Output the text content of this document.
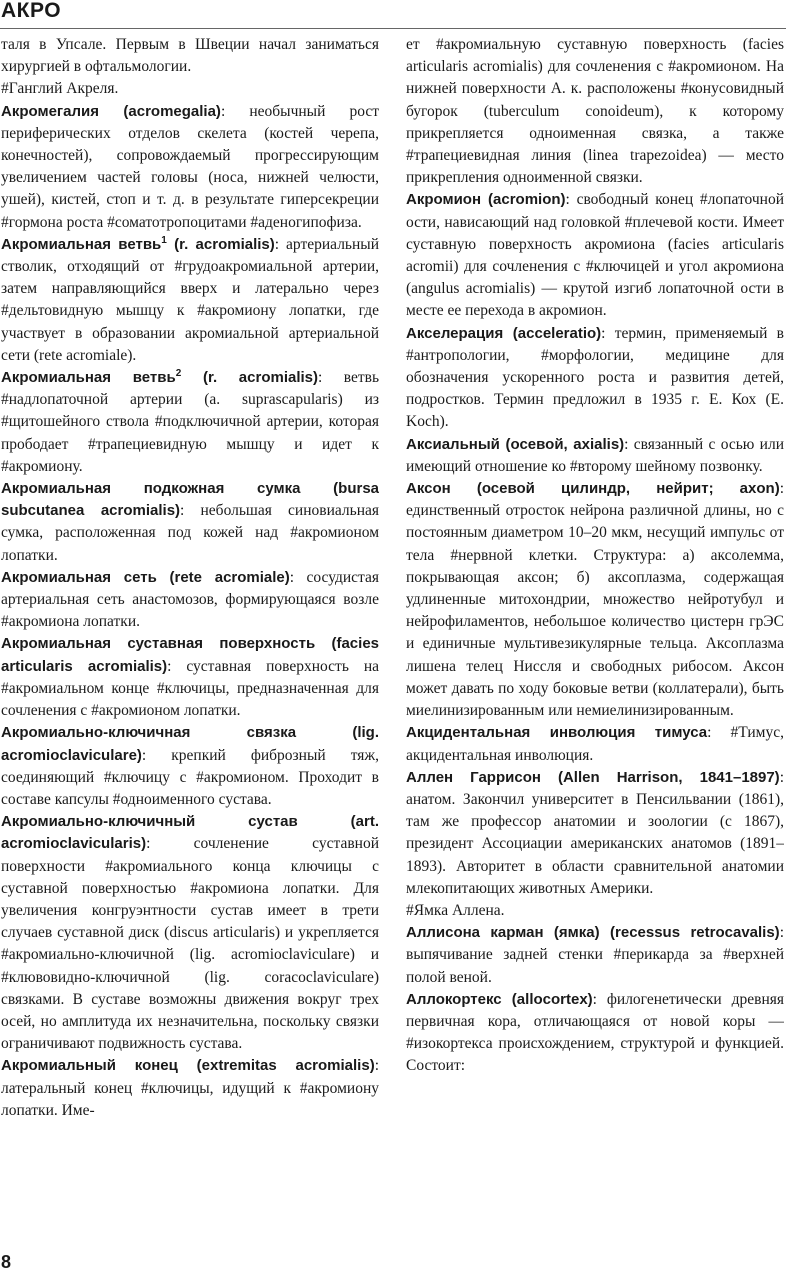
АКРО

таля в Упсале. Первым в Швеции начал заниматься хирургией в офтальмологии.

#Ганглий Акреля.

Акромегалия (acromegalia): необычный рост периферических отделов скелета (костей черепа, конечностей), сопровождаемый прогрессирующим увеличением частей головы (носа, нижней челюсти, ушей), кистей, стоп и т. д. в результате гиперсекреции #гормона роста #соматотропоцитами #аденогипофиза.

Акромиальная ветвь$^1$ (r. acromialis): артериальный стволик, отходящий от #грудоакромиальной артерии, затем направляющийся вверх и латерально через #дельтовидную мышцу к #акромиону лопатки, где участвует в образовании акромиальной артериальной сети (rete acromiale).

Акромиальная ветвь$^2$ (r. acromialis): ветвь #надлопаточной артерии (a. suprascapularis) из #щитошейного ствола #подключичной артерии, которая прободает #трапециевидную мышцу и идет к #акромиону.

Акромиальная подкожная сумка (bursa subcutanea acromialis): небольшая синовиальная сумка, расположенная под кожей над #акромионом лопатки.

Акромиальная сеть (rete acromiale): сосудистая артериальная сеть анастомозов, формирующаяся возле #акромиона лопатки.

Акромиальная суставная поверхность (facies articularis acromialis): суставная поверхность на #акромиальном конце #ключицы, предназначенная для сочленения с #акромионом лопатки.

Акромиально-ключичная связка (lig. acromioclaviculare): крепкий фиброзный тяж, соединяющий #ключицу с #акромионом. Проходит в составе капсулы #одноименного сустава.

Акромиально-ключичный сустав (art. acromioclavicularis): сочленение суставной поверхности #акромиального конца ключицы с суставной поверхностью #акромиона лопатки. Для увеличения конгруэнтности сустав имеет в трети случаев суставной диск (discus articularis) и укрепляется #акромиально-ключичной (lig. acromioclaviculare) и #клювовидно-ключичной (lig. coracoclaviculare) связками. В суставе возможны движения вокруг трех осей, но амплитуда их незначительна, поскольку связки ограничивают подвижность сустава.

Акромиальный конец (extremitas acromialis): латеральный конец #ключицы, идущий к #акромиону лопатки. Име-

ет #акромиальную суставную поверхность (facies articularis acromialis) для сочленения с #акромионом. На нижней поверхности А. к. расположены #конусовидный бугорок (tuberculum conoideum), к которому прикрепляется одноименная связка, а также #трапециевидная линия (linea trapezoidea) — место прикрепления одноименной связки.

Акромион (acromion): свободный конец #лопаточной ости, нависающий над головкой #плечевой кости. Имеет суставную поверхность акромиона (facies articularis acromii) для сочленения с #ключицей и угол акромиона (angulus acromialis) — крутой изгиб лопаточной ости в месте ее перехода в акромион.

Акселерация (acceleratio): термин, применяемый в #антропологии, #морфологии, медицине для обозначения ускоренного роста и развития детей, подростков. Термин предложил в 1935 г. Е. Кох (E. Koch).

Аксиальный (осевой, axialis): связанный с осью или имеющий отношение ко #второму шейному позвонку.

Аксон (осевой цилиндр, нейрит; axon): единственный отросток нейрона различной длины, но с постоянным диаметром 10–20 мкм, несущий импульс от тела #нервной клетки. Структура: а) аксолемма, покрывающая аксон; б) аксоплазма, содержащая удлиненные митохондрии, множество нейротубул и нейрофиламентов, небольшое количество цистерн грЭС и единичные мультивезикулярные тельца. Аксоплазма лишена телец Ниссля и свободных рибосом. Аксон может давать по ходу боковые ветви (коллатерали), быть миелинизированным или немиелинизированным.

Акцидентальная инволюция тимуса: #Тимус, акцидентальная инволюция.

Аллен Гаррисон (Allen Harrison, 1841–1897): анатом. Закончил университет в Пенсильвании (1861), там же профессор анатомии и зоологии (с 1867), президент Ассоциации американских анатомов (1891–1893). Авторитет в области сравнительной анатомии млекопитающих животных Америки.

#Ямка Аллена.

Аллисона карман (ямка) (recessus retrocavalis): выпячивание задней стенки #перикарда за #верхней полой веной.

Аллокортекс (allocortex): филогенетически древняя первичная кора, отличающаяся от новой коры — #изокортекса происхождением, структурой и функцией. Состоит:

8
